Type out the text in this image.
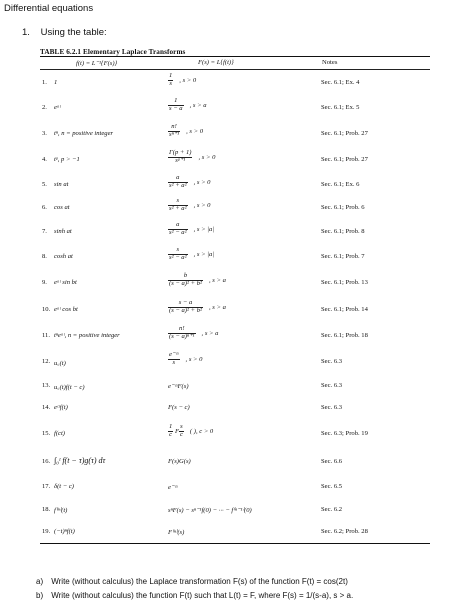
Differential equations
1. Using the table:
TABLE 6.2.1 Elementary Laplace Transforms
f(t) = L⁻¹{F(s)}	F(s) = L{f(t)}	Notes
1. 1	$\frac{1}{s}$ , s > 0	Sec. 6.1; Ex. 4
2. eᵃᵗ	$\frac{1}{s - a}$ , s > a	Sec. 6.1; Ex. 5
3. tⁿ, n = positive integer	$\frac{n!}{\text{sⁿ⁺¹}}$ , s > 0	Sec. 6.1; Prob. 27
4. tᵖ, p > −1	$\frac{\Gamma(p + 1)}{\text{sᵖ⁺¹}}$ , s > 0	Sec. 6.1; Prob. 27
5. sin at	$\frac{a}{\text{s² + a²}}$ , s > 0	Sec. 6.1; Ex. 6
6. cos at	$\frac{s}{\text{s² + a²}}$ , s > 0	Sec. 6.1; Prob. 6
7. sinh at	$\frac{a}{\text{s² − a²}}$ , s > |a|	Sec. 6.1; Prob. 8
8. cosh at	$\frac{s}{\text{s² − a²}}$ , s > |a|	Sec. 6.1; Prob. 7
9. eᵃᵗ sin bt	$\frac{b}{\text{(s − a)² + b²}}$ , s > a	Sec. 6.1; Prob. 13
10. eᵃᵗ cos bt	$\frac{s - a}{\text{(s − a)² + b²}}$ , s > a	Sec. 6.1; Prob. 14
11. tⁿeᵃᵗ, n = positive integer	$\frac{n!}{\text{(s − a)ⁿ⁺¹}}$ , s > a	Sec. 6.1; Prob. 18
12. u꜀(t)	$\frac{\text{e⁻ᶜˢ}}{s}$ , s > 0	Sec. 6.3
13. u꜀(t)f(t − c)	e⁻ᶜˢF(s)	Sec. 6.3
14. eᶜᵗf(t)	F(s − c)	Sec. 6.3
15. f(ct)	$\frac{1}{c}$ F $\frac{s}{c}$ ( ), c > 0	Sec. 6.3; Prob. 19
16. ∫₀ᵗ f(t − τ)g(τ) dτ	F(s)G(s)	Sec. 6.6
17. δ(t − c)	e⁻ᶜˢ	Sec. 6.5
18. f⁽ⁿ⁾(t)	sⁿF(s) − sⁿ⁻¹f(0) − ··· − f⁽ⁿ⁻¹⁾(0)	Sec. 6.2
19. (−t)ⁿf(t)	F⁽ⁿ⁾(s)	Sec. 6.2; Prob. 28
a) Write (without calculus) the Laplace transformation F(s) of the function F(t) = cos(2t)
b) Write (without calculus) the function F(t) such that L(t) = F, where F(s) = 1/(s-a), s > a.
